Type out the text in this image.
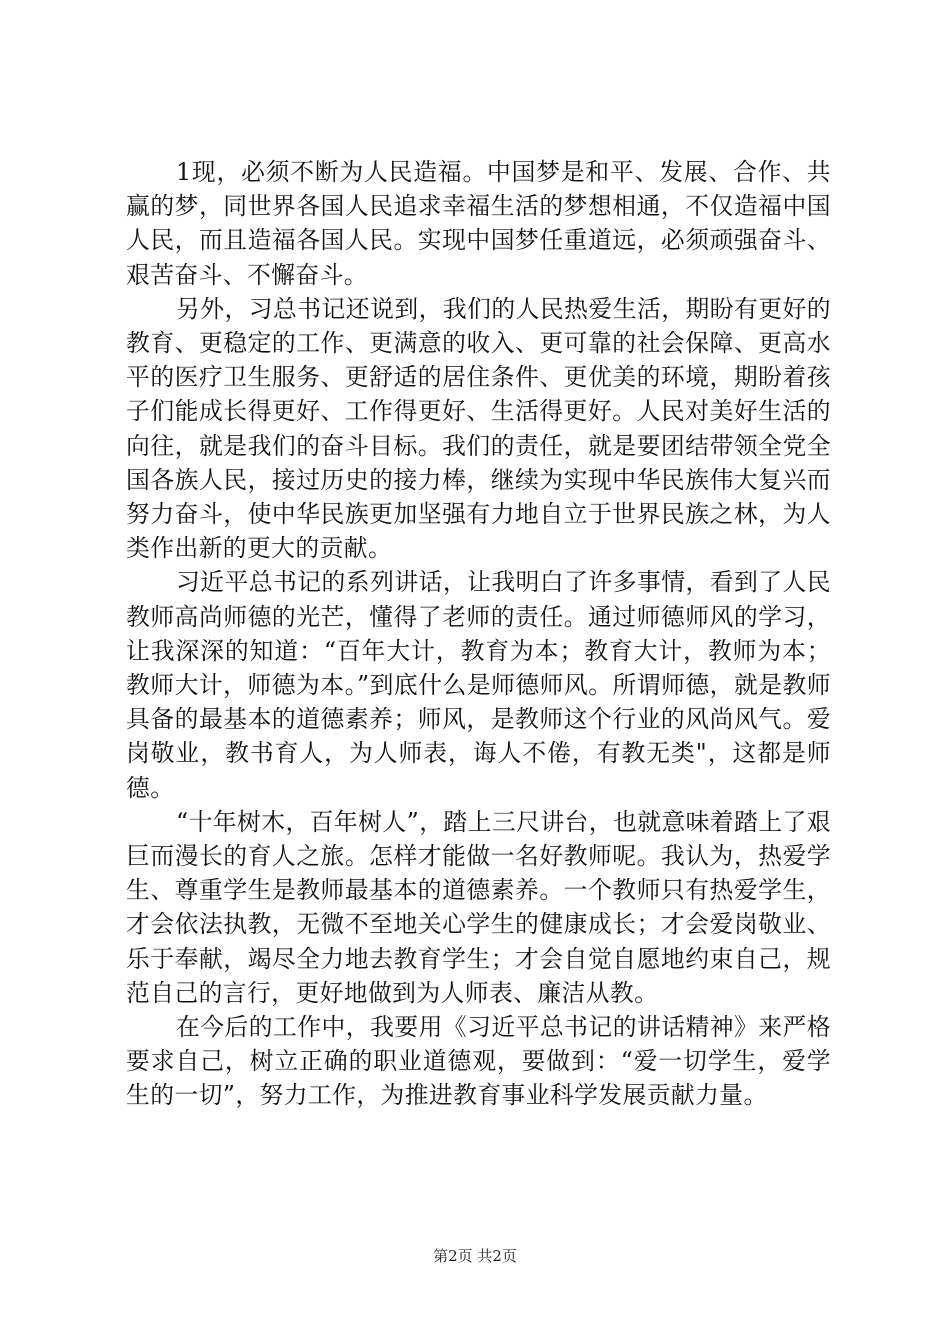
1现，必须不断为人民造福。中国梦是和平、发展、合作、共赢的梦，同世界各国人民追求幸福生活的梦想相通，不仅造福中国人民，而且造福各国人民。实现中国梦任重道远，必须顽强奋斗、艰苦奋斗、不懈奋斗。

另外，习总书记还说到，我们的人民热爱生活，期盼有更好的教育、更稳定的工作、更满意的收入、更可靠的社会保障、更高水平的医疗卫生服务、更舒适的居住条件、更优美的环境，期盼着孩子们能成长得更好、工作得更好、生活得更好。人民对美好生活的向往，就是我们的奋斗目标。我们的责任，就是要团结带领全党全国各族人民，接过历史的接力棒，继续为实现中华民族伟大复兴而努力奋斗，使中华民族更加坚强有力地自立于世界民族之林，为人类作出新的更大的贡献。

习近平总书记的系列讲话，让我明白了许多事情，看到了人民教师高尚师德的光芒，懂得了老师的责任。通过师德师风的学习，让我深深的知道：“百年大计，教育为本；教育大计，教师为本；教师大计，师德为本。”到底什么是师德师风。所谓师德，就是教师具备的最基本的道德素养；师风，是教师这个行业的风尚风气。爱岗敬业，教书育人，为人师表，诲人不倦，有教无类"，这都是师德。

“十年树木，百年树人”，踏上三尺讲台，也就意味着踏上了艰巨而漫长的育人之旅。怎样才能做一名好教师呢。我认为，热爱学生、尊重学生是教师最基本的道德素养。一个教师只有热爱学生，才会依法执教，无微不至地关心学生的健康成长；才会爱岗敬业、乐于奉献，竭尽全力地去教育学生；才会自觉自愿地约束自己，规范自己的言行，更好地做到为人师表、廉洁从教。

在今后的工作中，我要用《习近平总书记的讲话精神》来严格要求自己，树立正确的职业道德观，要做到：“爱一切学生，爱学生的一切”，努力工作，为推进教育事业科学发展贡献力量。

第2页 共2页
